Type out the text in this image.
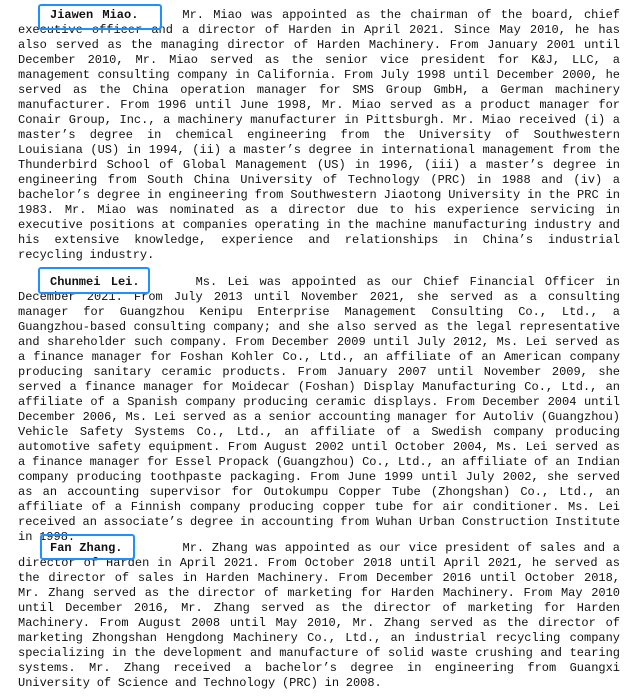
Jiawen Miao.	Mr. Miao was appointed as the chairman of the board, chief executive officer and a director of Harden in April 2021. Since May 2010, he has also served as the managing director of Harden Machinery. From January 2001 until December 2010, Mr. Miao served as the senior vice president for K&J, LLC, a management consulting company in California. From July 1998 until December 2000, he served as the China operation manager for SMS Group GmbH, a German machinery manufacturer. From 1996 until June 1998, Mr. Miao served as a product manager for Conair Group, Inc., a machinery manufacturer in Pittsburgh. Mr. Miao received (i) a master’s degree in chemical engineering from the University of Southwestern Louisiana (US) in 1994, (ii) a master’s degree in international management from the Thunderbird School of Global Management (US) in 1996, (iii) a master’s degree in engineering from South China University of Technology (PRC) in 1988 and (iv) a bachelor’s degree in engineering from Southwestern Jiaotong University in the PRC in 1983. Mr. Miao was nominated as a director due to his experience servicing in executive positions at companies operating in the machine manufacturing industry and his extensive knowledge, experience and relationships in China’s industrial recycling industry.

Chunmei Lei.	Ms. Lei was appointed as our Chief Financial Officer in December 2021. From July 2013 until November 2021, she served as a consulting manager for Guangzhou Kenipu Enterprise Management Consulting Co., Ltd., a Guangzhou-based consulting company; and she also served as the legal representative and shareholder such company. From December 2009 until July 2012, Ms. Lei served as a finance manager for Foshan Kohler Co., Ltd., an affiliate of an American company producing sanitary ceramic products. From January 2007 until November 2009, she served a finance manager for Moidecar (Foshan) Display Manufacturing Co., Ltd., an affiliate of a Spanish company producing ceramic displays. From December 2004 until December 2006, Ms. Lei served as a senior accounting manager for Autoliv (Guangzhou) Vehicle Safety Systems Co., Ltd., an affiliate of a Swedish company producing automotive safety equipment. From August 2002 until October 2004, Ms. Lei served as a finance manager for Essel Propack (Guangzhou) Co., Ltd., an affiliate of an Indian company producing toothpaste packaging. From June 1999 until July 2002, she served as an accounting supervisor for Outokumpu Copper Tube (Zhongshan) Co., Ltd., an affiliate of a Finnish company producing copper tube for air conditioner. Ms. Lei received an associate’s degree in accounting from Wuhan Urban Construction Institute in 1998.

Fan Zhang.	Mr. Zhang was appointed as our vice president of sales and a director of Harden in April 2021. From October 2018 until April 2021, he served as the director of sales in Harden Machinery. From December 2016 until October 2018, Mr. Zhang served as the director of marketing for Harden Machinery. From May 2010 until December 2016, Mr. Zhang served as the director of marketing for Harden Machinery. From August 2008 until May 2010, Mr. Zhang served as the director of marketing Zhongshan Hengdong Machinery Co., Ltd., an industrial recycling company specializing in the development and manufacture of solid waste crushing and tearing systems. Mr. Zhang received a bachelor’s degree in engineering from Guangxi University of Science and Technology (PRC) in 2008.
